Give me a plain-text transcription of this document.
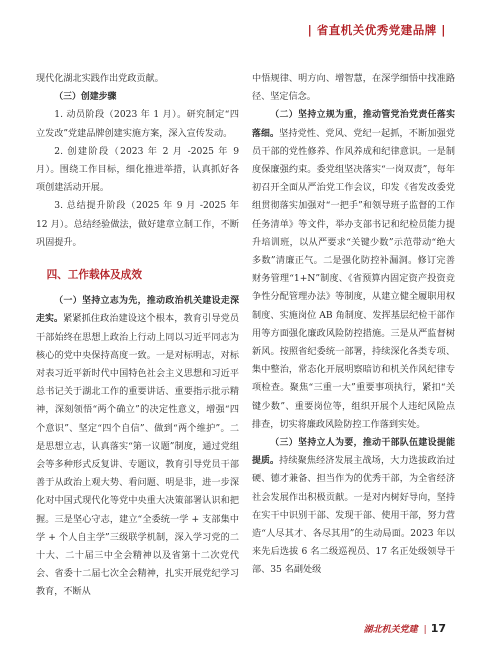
| 省直机关优秀党建品牌 |

现代化湖北实践作出党政贡献。

（三）创建步骤

1. 动员阶段（2023 年 1 月）。研究制定“四立发改”党建品牌创建实施方案，深入宣传发动。

2. 创建阶段（2023 年 2 月 -2025 年 9 月）。围绕工作目标，细化推进举措，认真抓好各项创建活动开展。

3. 总结提升阶段（2025 年 9 月 -2025 年 12 月）。总结经验做法，做好建章立制工作，不断巩固提升。

四、工作载体及成效

（一）坚持立志为先，推动政治机关建设走深走实。紧紧抓住政治建设这个根本，教育引导党员干部始终在思想上政治上行动上同以习近平同志为核心的党中央保持高度一致。一是对标明志，对标对表习近平新时代中国特色社会主义思想和习近平总书记关于湖北工作的重要讲话、重要指示批示精神，深刻领悟“两个确立”的决定性意义，增强“四个意识”、坚定“四个自信”、做到“两个维护”。二是思想立志，认真落实“第一议题”制度，通过党组会等多种形式反复讲、专题议，教育引导党员干部善于从政治上观大势、看问题、明是非，进一步深化对中国式现代化等党中央重大决策部署认识和把握。三是坚心守志，建立“全委统一学 + 支部集中学 + 个人自主学”三级联学机制，深入学习党的二十大、二十届三中全会精神以及省第十二次党代会、省委十二届七次全会精神，扎实开展党纪学习教育，不断从

中悟规律、明方向、增智慧，在深学细悟中找准路径、坚定信念。

（二）坚持立规为重，推动管党治党责任落实落细。坚持党性、党风、党纪一起抓，不断加强党员干部的党性修养、作风养成和纪律意识。一是制度保廉强约束。委党组坚决落实“一岗双责”，每年初召开全面从严治党工作会议，印发《省发改委党组贯彻落实加强对“一把手”和领导班子监督的工作任务清单》等文件，举办支部书记和纪检员能力提升培训班，以从严要求“关键少数”示范带动“绝大多数”清廉正气。二是强化防控补漏洞。修订完善财务管理“1+N”制度、《省预算内固定资产投资竞争性分配管理办法》等制度，从建立健全履职用权制度、实施岗位 AB 角制度、发挥基层纪检干部作用等方面强化廉政风险防控措施。三是从严监督树新风。按照省纪委统一部署，持续深化各类专项、集中整治，常态化开展明察暗访和机关作风纪律专项检查。聚焦“三重一大”重要事项执行，紧扣“关键少数”、重要岗位等，组织开展个人违纪风险点排查，切实将廉政风险防控工作落到实处。

（三）坚持立人为要，推动干部队伍建设提能提质。持续聚焦经济发展主战场，大力选拔政治过硬、德才兼备、担当作为的优秀干部，为全省经济社会发展作出积极贡献。一是对内树好导向，坚持在实干中识别干部、发现干部、使用干部，努力营造“人尽其才、各尽其用”的生动局面。2023 年以来先后选拔 6 名二级巡视员、17 名正处级领导干部、35 名副处级

湖北机关党建 | 17
